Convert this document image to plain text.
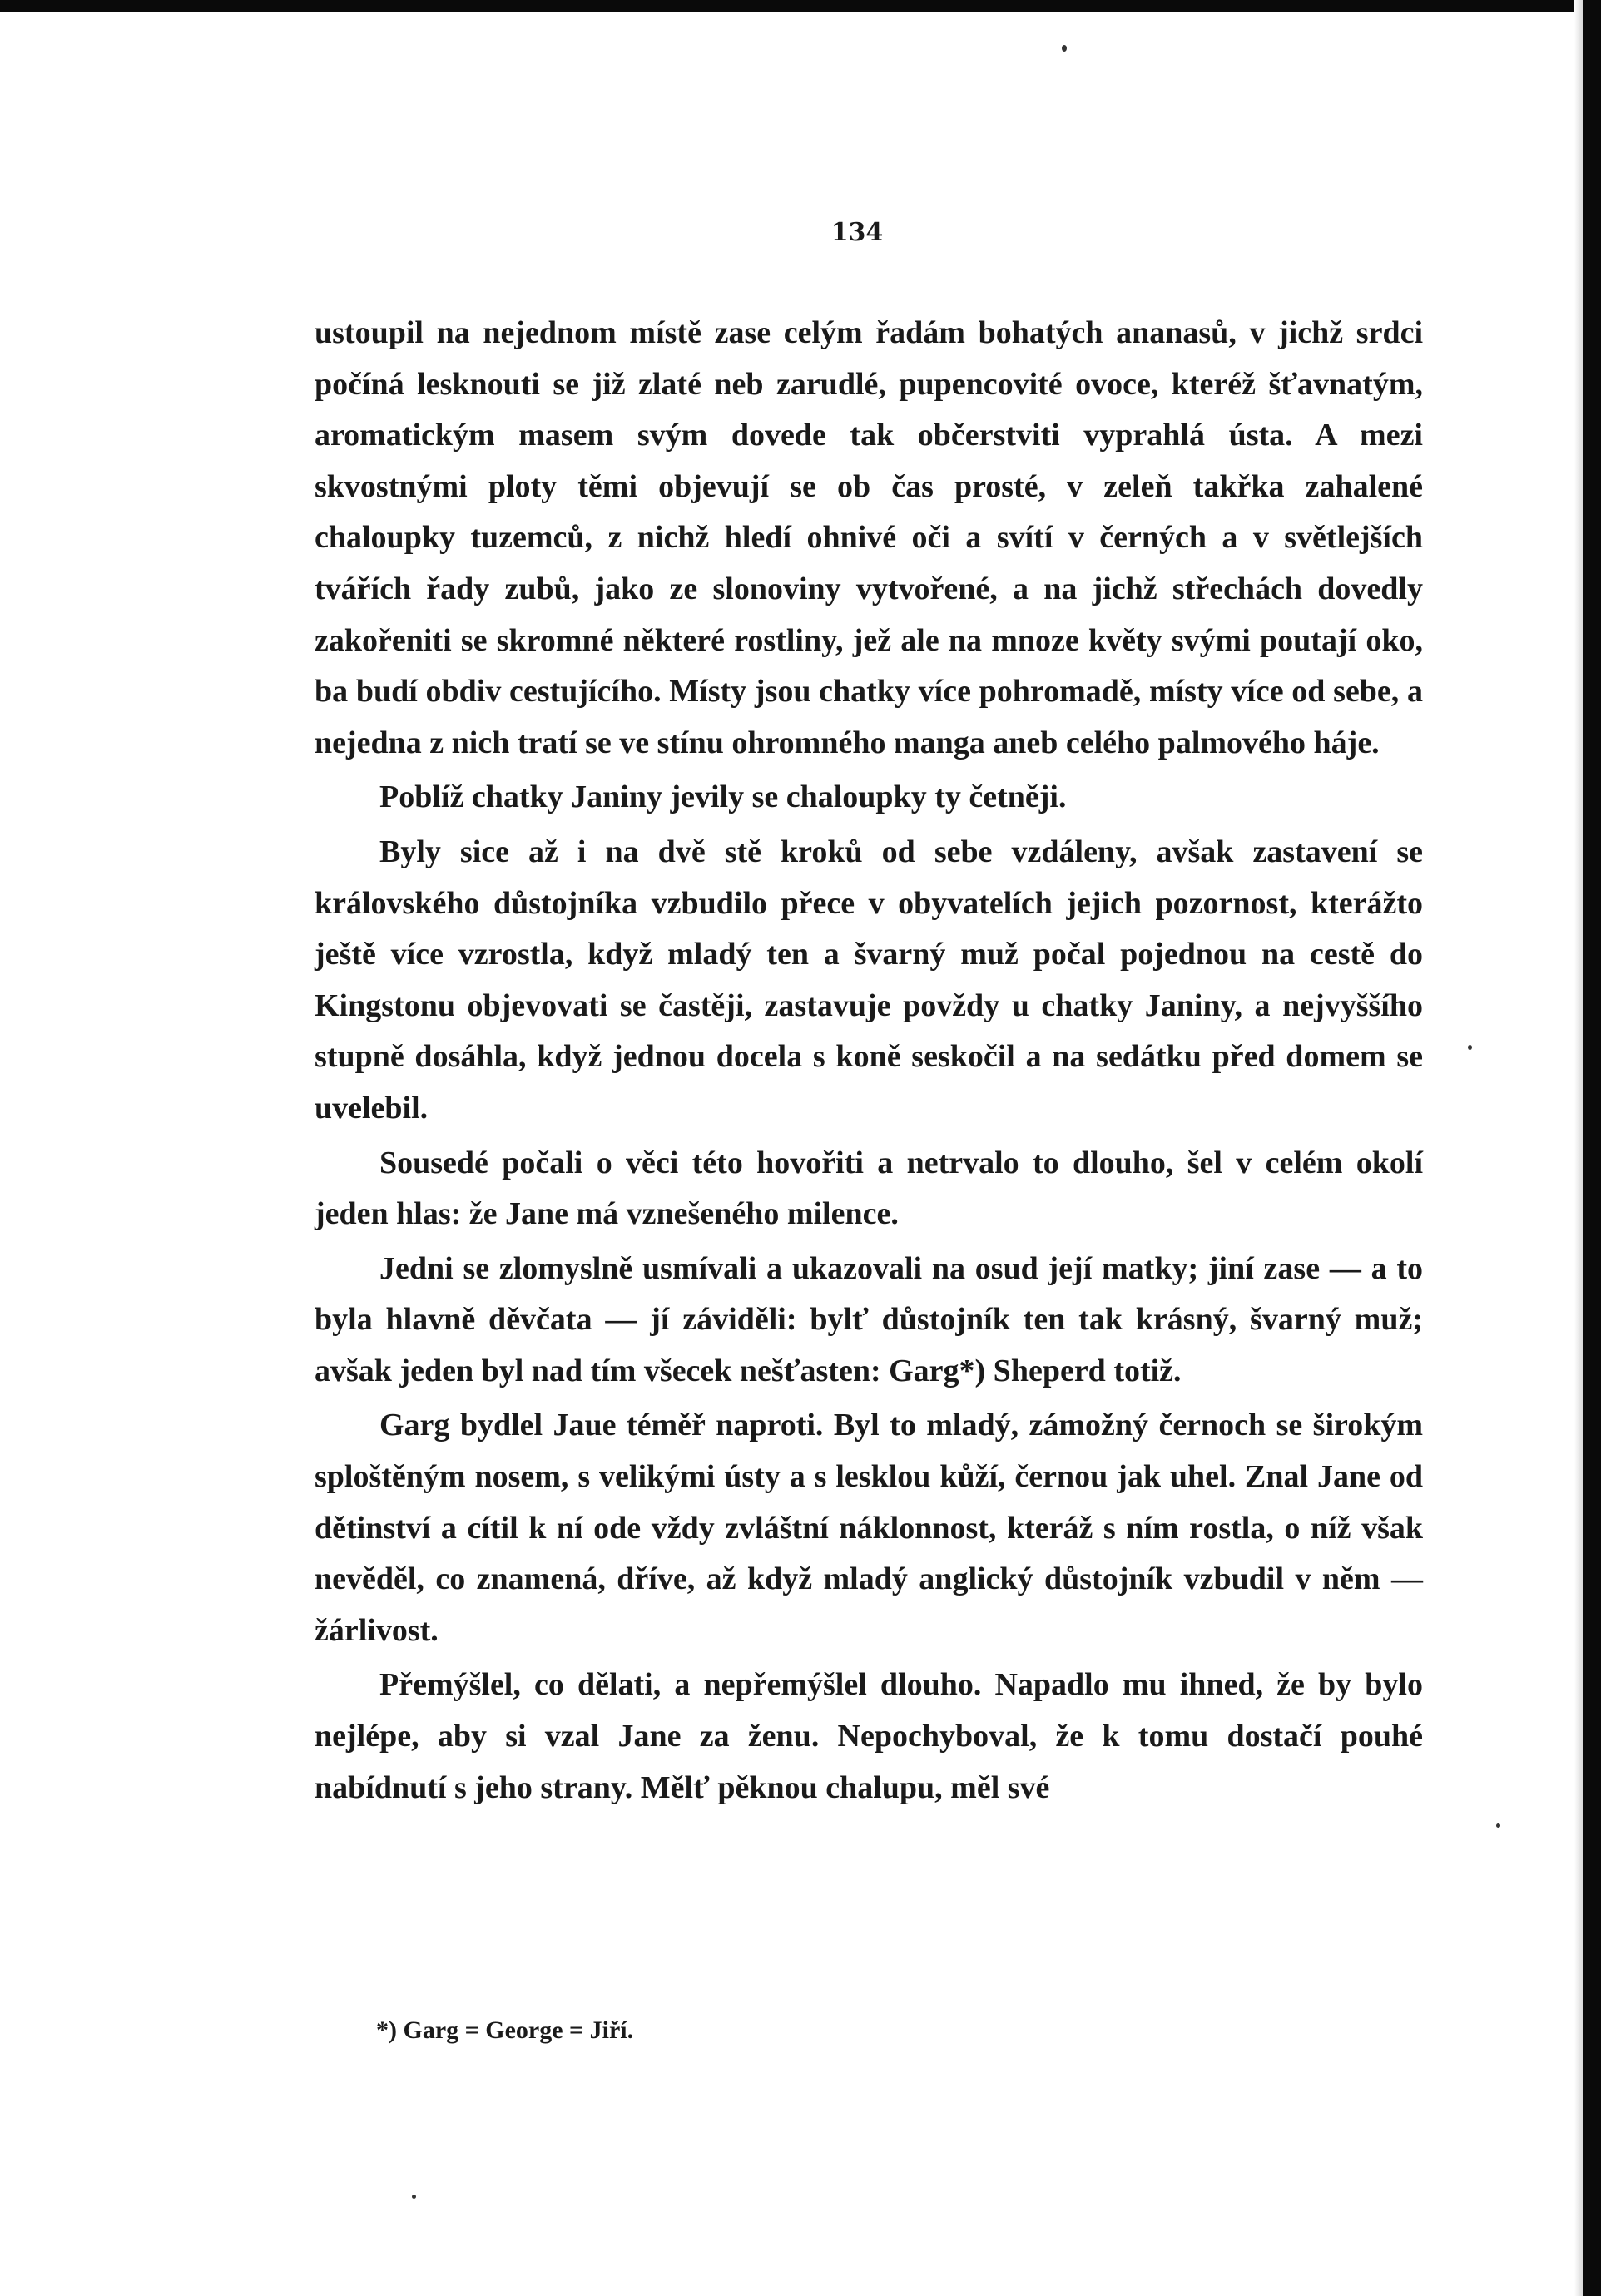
134

ustoupil na nejednom místě zase celým řadám bohatých ananasů, v jichž srdci počíná lesknouti se již zlaté neb zarudlé, pupencovité ovoce, kteréž šťavnatým, aromatickým masem svým dovede tak občerstviti vyprahlá ústa. A mezi skvostnými ploty těmi objevují se ob čas prosté, v zeleň takřka zahalené chaloupky tuzemců, z nichž hledí ohnivé oči a svítí v černých a v světlejších tvářích řady zubů, jako ze slonoviny vytvořené, a na jichž střechách dovedly zakořeniti se skromné některé rostliny, jež ale na mnoze květy svými poutají oko, ba budí obdiv cestujícího. Místy jsou chatky více pohromadě, místy více od sebe, a nejedna z nich tratí se ve stínu ohromného manga aneb celého palmového háje.

Poblíž chatky Janiny jevily se chaloupky ty četněji.

Byly sice až i na dvě stě kroků od sebe vzdáleny, avšak zastavení se královského důstojníka vzbudilo přece v obyvatelích jejich pozornost, kterážto ještě více vzrostla, když mladý ten a švarný muž počal pojednou na cestě do Kingstonu objevovati se častěji, zastavuje povždy u chatky Janiny, a nejvyššího stupně dosáhla, když jednou docela s koně seskočil a na sedátku před domem se uvelebil.

Sousedé počali o věci této hovořiti a netrvalo to dlouho, šel v celém okolí jeden hlas: že Jane má vznešeného milence.

Jedni se zlomyslně usmívali a ukazovali na osud její matky; jiní zase — a to byla hlavně děvčata — jí záviděli: bylť důstojník ten tak krásný, švarný muž; avšak jeden byl nad tím všecek nešťasten: Garg*) Sheperd totiž.

Garg bydlel Jaue téměř naproti. Byl to mladý, zámožný černoch se širokým sploštěným nosem, s velikými ústy a s lesklou kůží, černou jak uhel. Znal Jane od dětinství a cítil k ní ode vždy zvláštní náklonnost, kteráž s ním rostla, o níž však nevěděl, co znamená, dříve, až když mladý anglický důstojník vzbudil v něm — žárlivost.

Přemýšlel, co dělati, a nepřemýšlel dlouho. Napadlo mu ihned, že by bylo nejlépe, aby si vzal Jane za ženu. Nepochyboval, že k tomu dostačí pouhé nabídnutí s jeho strany. Mělť pěknou chalupu, měl své

*) Garg = George = Jiří.
